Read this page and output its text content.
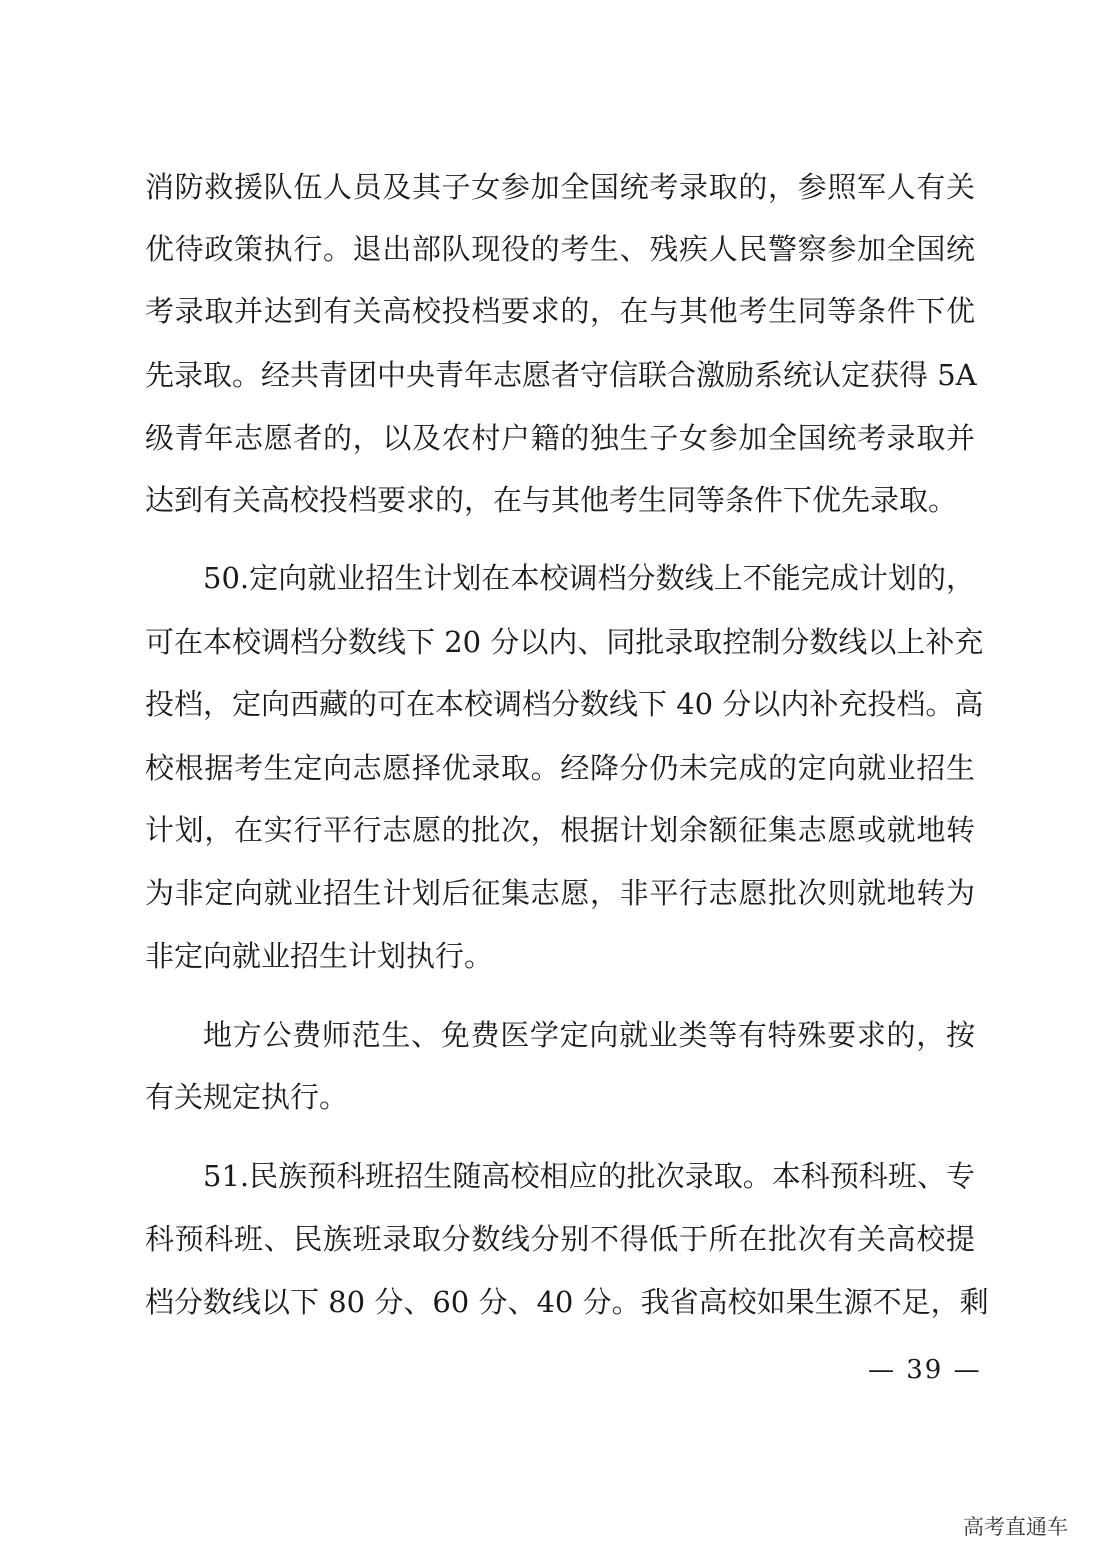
消防救援队伍人员及其子女参加全国统考录取的，参照军人有关
优待政策执行。退出部队现役的考生、残疾人民警察参加全国统
考录取并达到有关高校投档要求的，在与其他考生同等条件下优
先录取。经共青团中央青年志愿者守信联合激励系统认定获得 5A
级青年志愿者的，以及农村户籍的独生子女参加全国统考录取并
达到有关高校投档要求的，在与其他考生同等条件下优先录取。
50.定向就业招生计划在本校调档分数线上不能完成计划的，
可在本校调档分数线下 20 分以内、同批录取控制分数线以上补充
投档，定向西藏的可在本校调档分数线下 40 分以内补充投档。高
校根据考生定向志愿择优录取。经降分仍未完成的定向就业招生
计划，在实行平行志愿的批次，根据计划余额征集志愿或就地转
为非定向就业招生计划后征集志愿，非平行志愿批次则就地转为
非定向就业招生计划执行。
地方公费师范生、免费医学定向就业类等有特殊要求的，按
有关规定执行。
51.民族预科班招生随高校相应的批次录取。本科预科班、专
科预科班、民族班录取分数线分别不得低于所在批次有关高校提
档分数线以下 80 分、60 分、40 分。我省高校如果生源不足，剩
— 39 —
高考直通车
